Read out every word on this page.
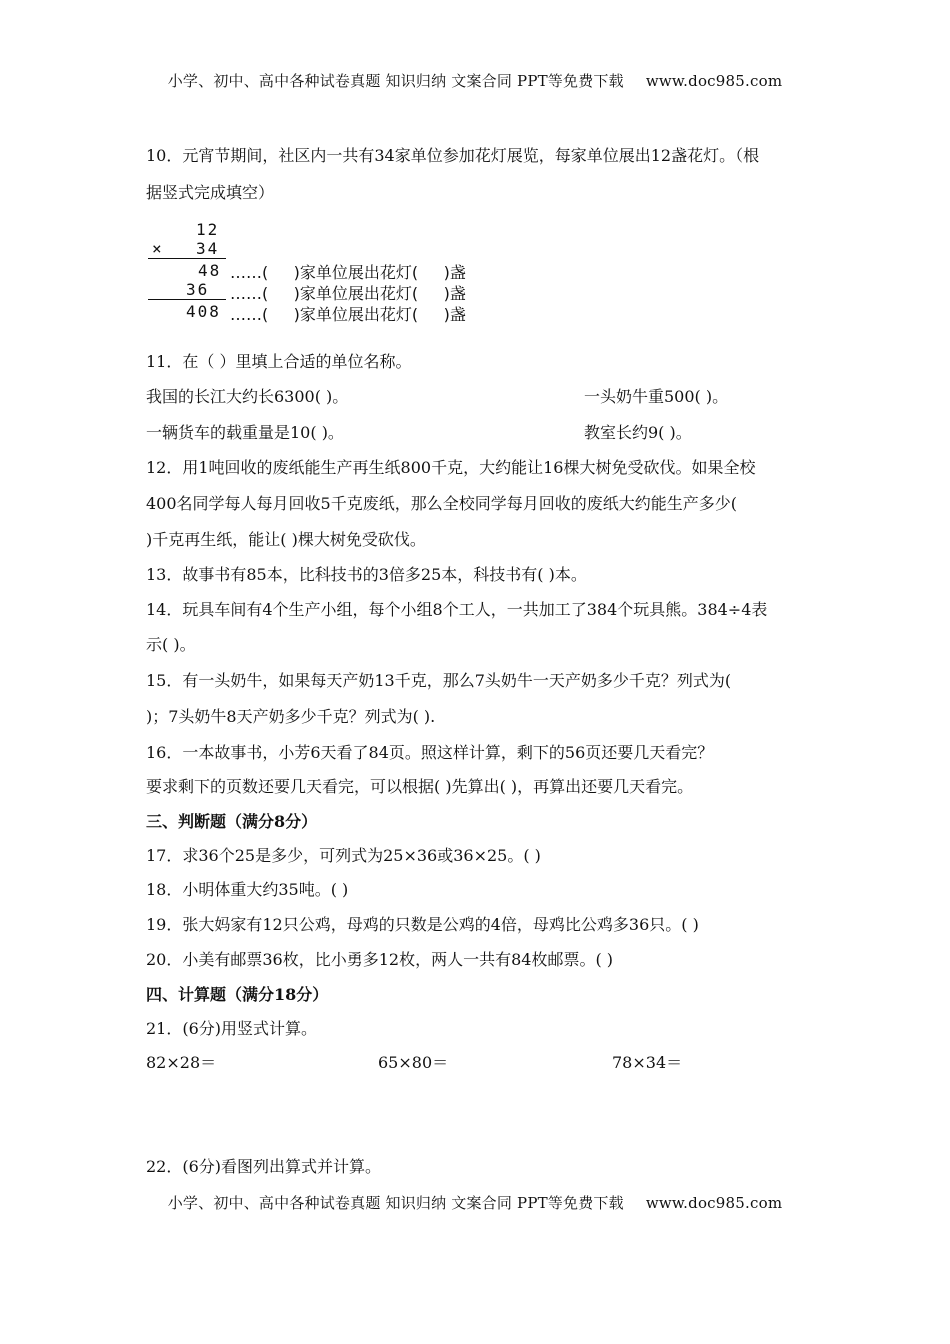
小学、初中、高中各种试卷真题 知识归纳 文案合同 PPT等免费下载 www.doc985.com
10．元宵节期间，社区内一共有34家单位参加花灯展览，每家单位展出12盏花灯。（根
据竖式完成填空）
12
× 34
48 ……(     )家单位展出花灯(     )盏
36 ……(     )家单位展出花灯(     )盏
408 ……(     )家单位展出花灯(     )盏
11．在（ ）里填上合适的单位名称。
我国的长江大约长6300( )。	一头奶牛重500( )。
一辆货车的载重量是10( )。	教室长约9( )。
12．用1吨回收的废纸能生产再生纸800千克，大约能让16棵大树免受砍伐。如果全校
400名同学每人每月回收5千克废纸，那么全校同学每月回收的废纸大约能生产多少(
)千克再生纸，能让( )棵大树免受砍伐。
13．故事书有85本，比科技书的3倍多25本，科技书有( )本。
14．玩具车间有4个生产小组，每个小组8个工人，一共加工了384个玩具熊。384÷4表
示( )。
15．有一头奶牛，如果每天产奶13千克，那么7头奶牛一天产奶多少千克？列式为(
)；7头奶牛8天产奶多少千克？列式为( ).
16．一本故事书，小芳6天看了84页。照这样计算，剩下的56页还要几天看完？
要求剩下的页数还要几天看完，可以根据( )先算出( )，再算出还要几天看完。
三、判断题（满分8分）
17．求36个25是多少，可列式为25×36或36×25。( )
18．小明体重大约35吨。( )
19．张大妈家有12只公鸡，母鸡的只数是公鸡的4倍，母鸡比公鸡多36只。( )
20．小美有邮票36枚，比小勇多12枚，两人一共有84枚邮票。( )
四、计算题（满分18分）
21．(6分)用竖式计算。
82×28＝	65×80＝	78×34＝
22．(6分)看图列出算式并计算。
小学、初中、高中各种试卷真题 知识归纳 文案合同 PPT等免费下载 www.doc985.com
